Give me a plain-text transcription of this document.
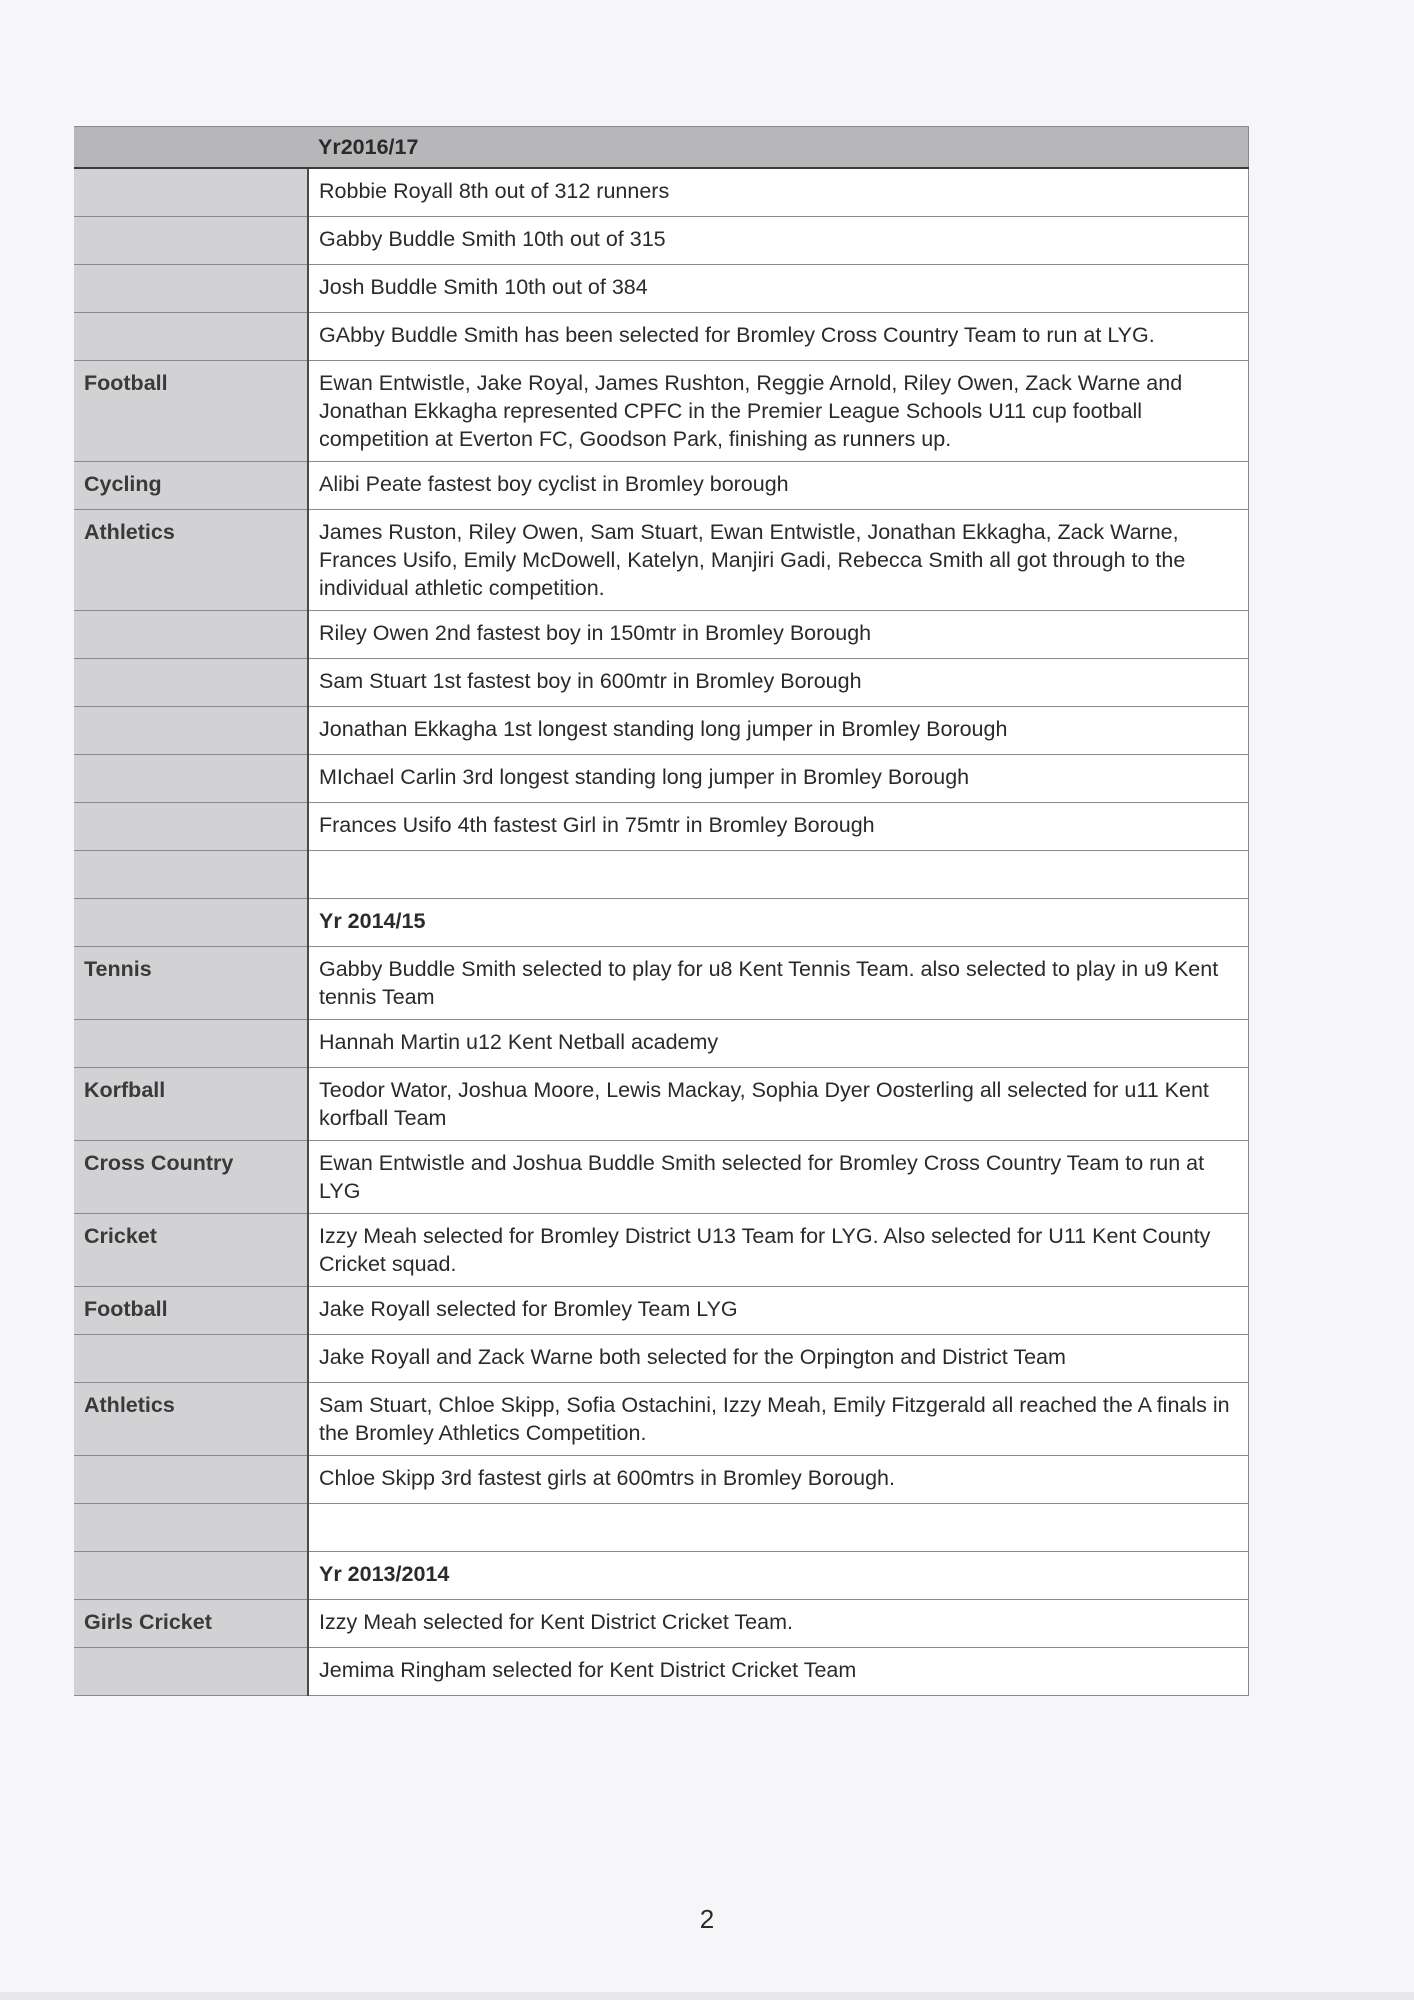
	Yr2016/17
	Robbie Royall 8th out of 312 runners
	Gabby Buddle Smith 10th out of 315
	Josh Buddle Smith 10th out of 384
	GAbby Buddle Smith has been selected for Bromley Cross Country Team to run at LYG.
Football	Ewan Entwistle, Jake Royal, James Rushton, Reggie Arnold, Riley Owen, Zack Warne and Jonathan Ekkagha represented CPFC in the Premier League Schools U11 cup football competition at Everton FC, Goodson Park, finishing as runners up.
Cycling	Alibi Peate fastest boy cyclist in Bromley borough
Athletics	James Ruston, Riley Owen, Sam Stuart, Ewan Entwistle, Jonathan Ekkagha, Zack Warne, Frances Usifo, Emily McDowell, Katelyn, Manjiri Gadi, Rebecca Smith all got through to the individual athletic competition.
	Riley Owen 2nd fastest boy in 150mtr in Bromley Borough
	Sam Stuart 1st fastest boy in 600mtr in Bromley Borough
	Jonathan Ekkagha 1st longest standing long jumper in Bromley Borough
	MIchael Carlin 3rd longest standing long jumper in Bromley Borough
	Frances Usifo 4th fastest Girl in 75mtr in Bromley Borough

	Yr 2014/15
Tennis	Gabby Buddle Smith selected to play for u8 Kent Tennis Team. also selected to play in u9 Kent tennis Team
	Hannah Martin u12 Kent Netball academy
Korfball	Teodor Wator, Joshua Moore, Lewis Mackay, Sophia Dyer Oosterling all selected for u11 Kent korfball Team
Cross Country	Ewan Entwistle and Joshua Buddle Smith selected for Bromley Cross Country Team to run at LYG
Cricket	Izzy Meah selected for Bromley District U13 Team for LYG. Also selected for U11 Kent County Cricket squad.
Football	Jake Royall selected for Bromley Team LYG
	Jake Royall and Zack Warne both selected for the Orpington and District Team
Athletics	Sam Stuart, Chloe Skipp, Sofia Ostachini, Izzy Meah, Emily Fitzgerald all reached the A finals in the Bromley Athletics Competition.
	Chloe Skipp 3rd fastest girls at 600mtrs in Bromley Borough.

	Yr 2013/2014
Girls Cricket	Izzy Meah selected for Kent District Cricket Team.
	Jemima Ringham selected for Kent District Cricket Team
2
